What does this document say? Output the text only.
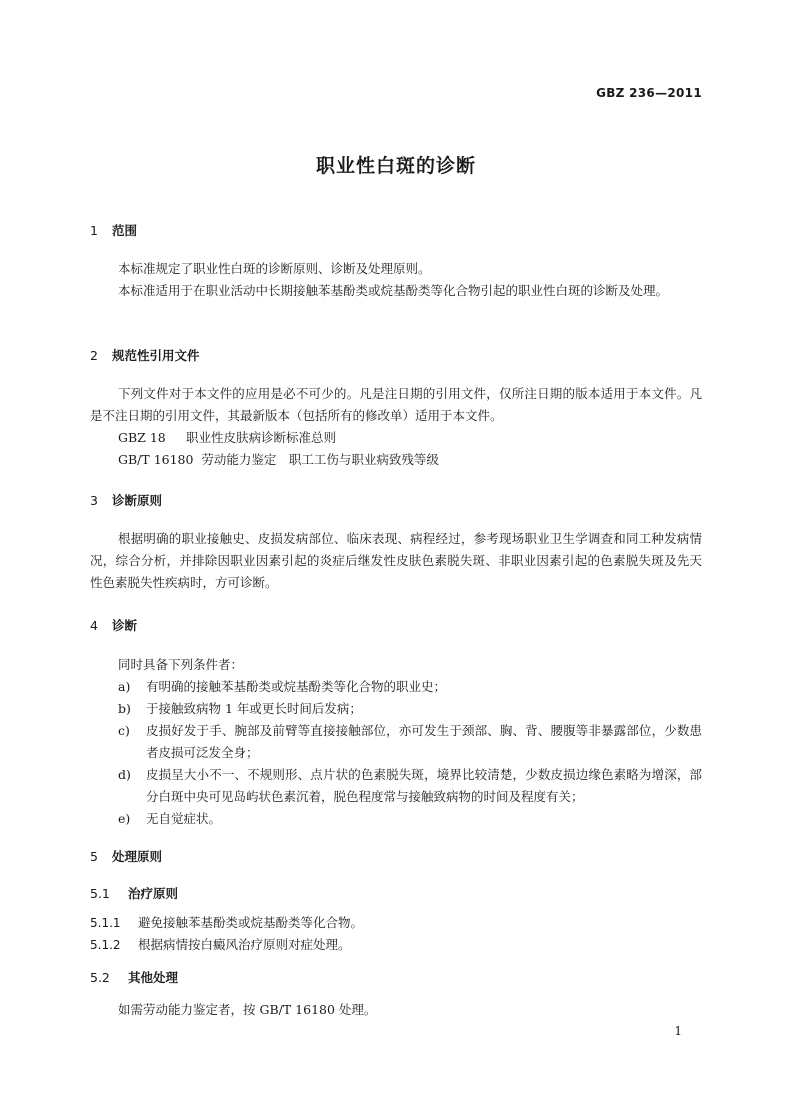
GBZ 236—2011
职业性白斑的诊断
1 范围
本标准规定了职业性白斑的诊断原则、诊断及处理原则。
本标准适用于在职业活动中长期接触苯基酚类或烷基酚类等化合物引起的职业性白斑的诊断及处理。
2 规范性引用文件
下列文件对于本文件的应用是必不可少的。凡是注日期的引用文件，仅所注日期的版本适用于本文件。凡是不注日期的引用文件，其最新版本（包括所有的修改单）适用于本文件。
GBZ 18 职业性皮肤病诊断标准总则
GB/T 16180 劳动能力鉴定　职工工伤与职业病致残等级
3 诊断原则
根据明确的职业接触史、皮损发病部位、临床表现、病程经过，参考现场职业卫生学调查和同工种发病情况，综合分析，并排除因职业因素引起的炎症后继发性皮肤色素脱失斑、非职业因素引起的色素脱失斑及先天性色素脱失性疾病时，方可诊断。
4 诊断
同时具备下列条件者：
a) 有明确的接触苯基酚类或烷基酚类等化合物的职业史；
b) 于接触致病物 1 年或更长时间后发病；
c) 皮损好发于手、腕部及前臂等直接接触部位，亦可发生于颈部、胸、背、腰腹等非暴露部位，少数患者皮损可泛发全身；
d) 皮损呈大小不一、不规则形、点片状的色素脱失斑，境界比较清楚，少数皮损边缘色素略为增深，部分白斑中央可见岛屿状色素沉着，脱色程度常与接触致病物的时间及程度有关；
e) 无自觉症状。
5 处理原则
5.1 治疗原则
5.1.1 避免接触苯基酚类或烷基酚类等化合物。
5.1.2 根据病情按白癜风治疗原则对症处理。
5.2 其他处理
如需劳动能力鉴定者，按 GB/T 16180 处理。
1
